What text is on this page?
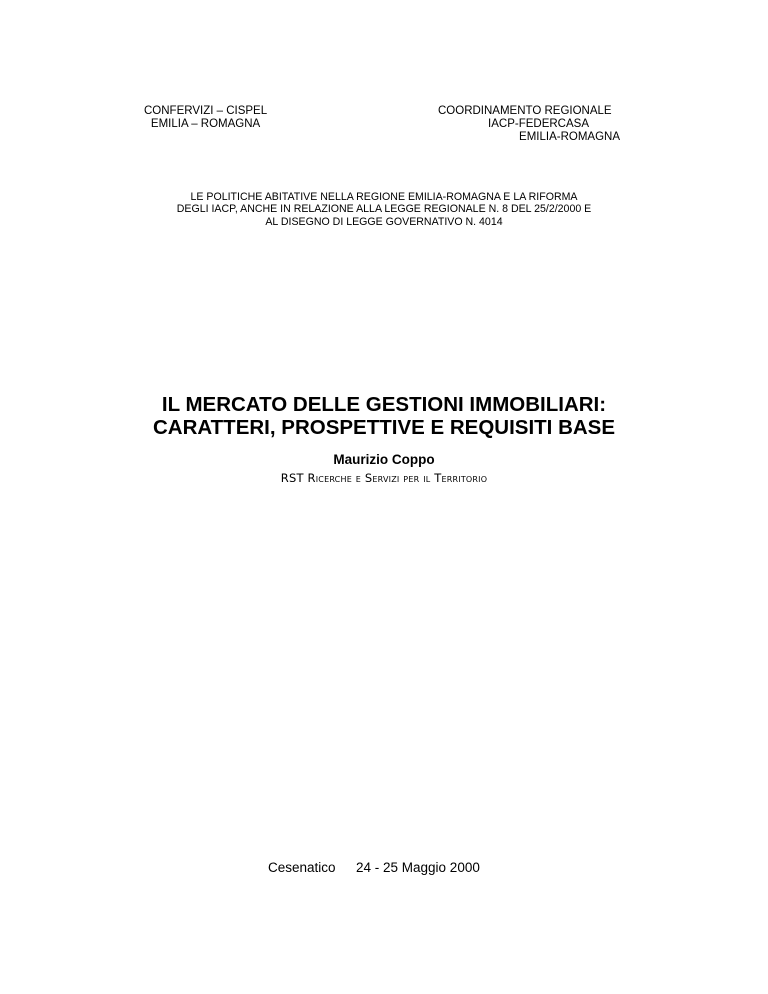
CONFERVIZI – CISPEL
EMILIA – ROMAGNA
COORDINAMENTO REGIONALE
IACP-FEDERCASA
EMILIA-ROMAGNA
LE POLITICHE ABITATIVE NELLA REGIONE EMILIA-ROMAGNA E LA RIFORMA
DEGLI IACP, ANCHE IN RELAZIONE ALLA LEGGE REGIONALE N. 8 DEL 25/2/2000 E
AL DISEGNO DI LEGGE GOVERNATIVO N. 4014
IL MERCATO DELLE GESTIONI IMMOBILIARI:
CARATTERI, PROSPETTIVE E REQUISITI BASE
Maurizio Coppo
RST Ricerche e Servizi per il Territorio
Cesenatico 24 - 25 Maggio 2000
